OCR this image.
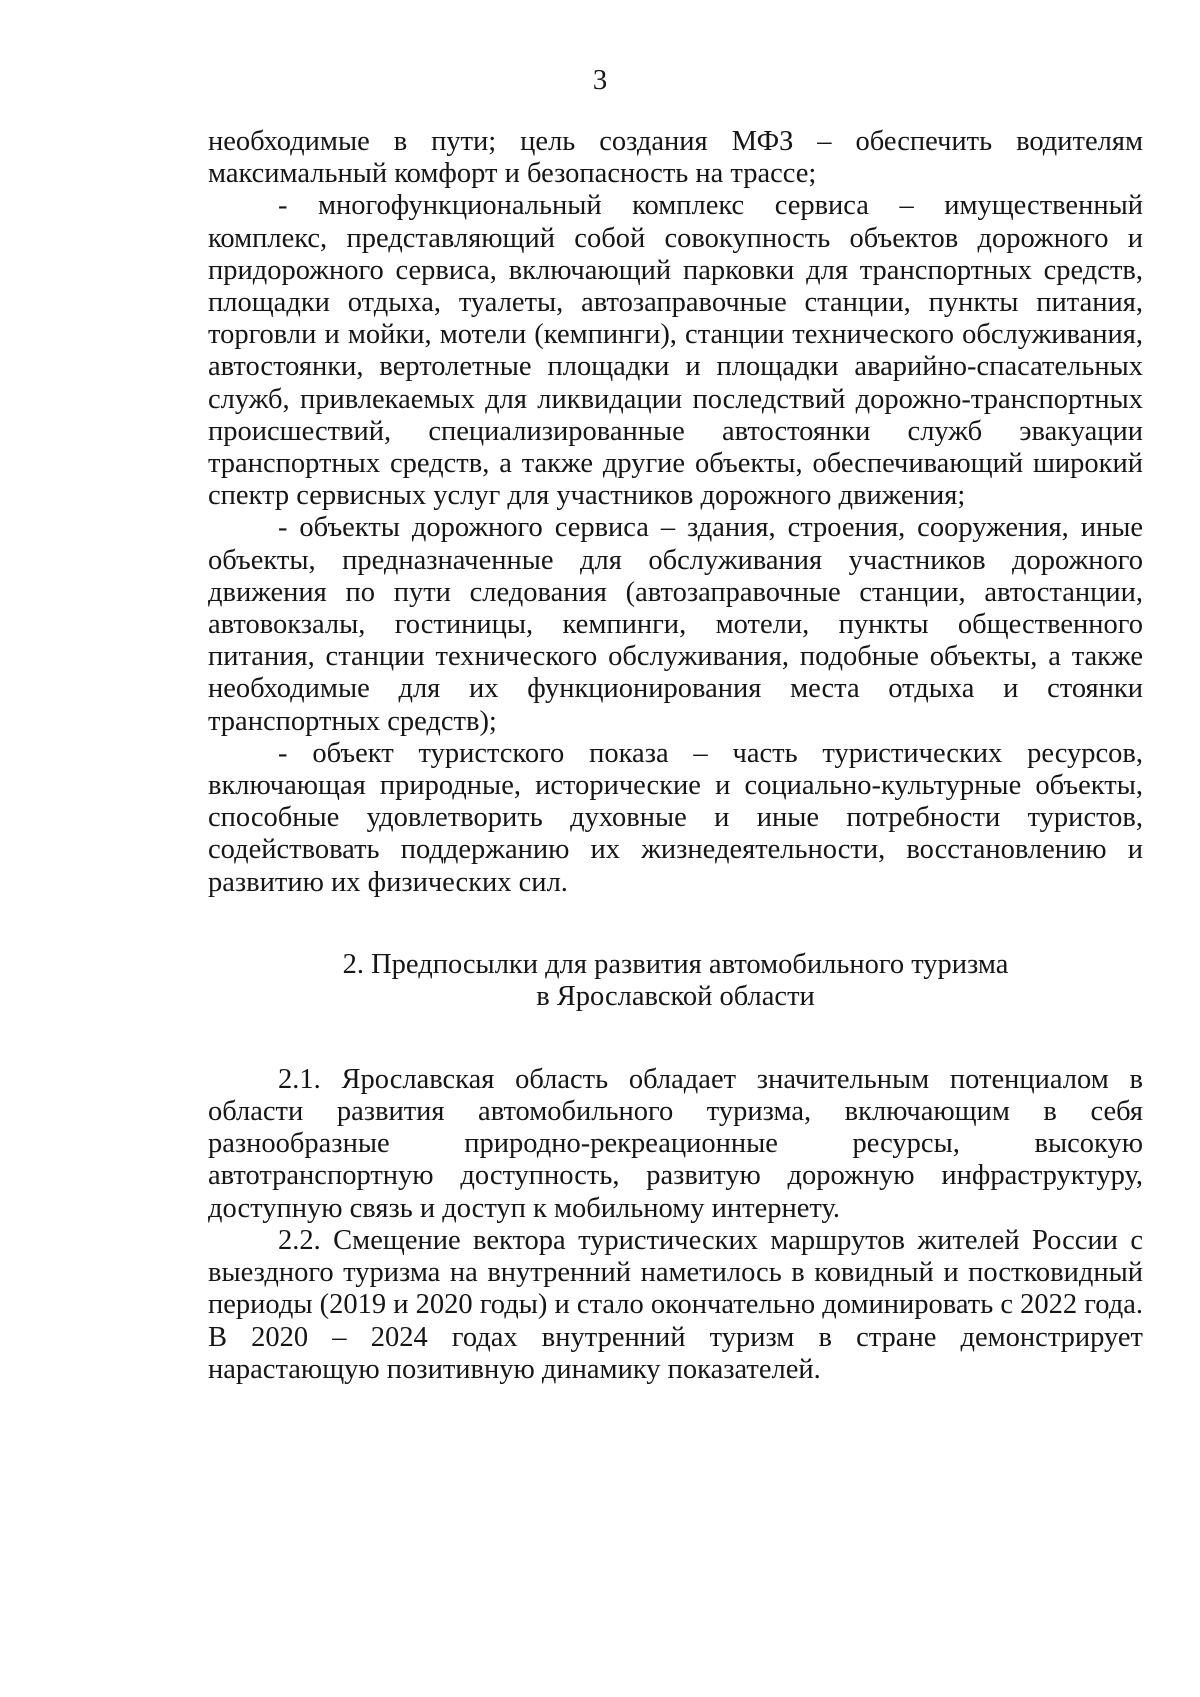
3

необходимые в пути; цель создания МФЗ – обеспечить водителям максимальный комфорт и безопасность на трассе;

- многофункциональный комплекс сервиса – имущественный комплекс, представляющий собой совокупность объектов дорожного и придорожного сервиса, включающий парковки для транспортных средств, площадки отдыха, туалеты, автозаправочные станции, пункты питания, торговли и мойки, мотели (кемпинги), станции технического обслуживания, автостоянки, вертолетные площадки и площадки аварийно-спасательных служб, привлекаемых для ликвидации последствий дорожно-транспортных происшествий, специализированные автостоянки служб эвакуации транспортных средств, а также другие объекты, обеспечивающий широкий спектр сервисных услуг для участников дорожного движения;

- объекты дорожного сервиса – здания, строения, сооружения, иные объекты, предназначенные для обслуживания участников дорожного движения по пути следования (автозаправочные станции, автостанции, автовокзалы, гостиницы, кемпинги, мотели, пункты общественного питания, станции технического обслуживания, подобные объекты, а также необходимые для их функционирования места отдыха и стоянки транспортных средств);

- объект туристского показа – часть туристических ресурсов, включающая природные, исторические и социально-культурные объекты, способные удовлетворить духовные и иные потребности туристов, содействовать поддержанию их жизнедеятельности, восстановлению и развитию их физических сил.

2. Предпосылки для развития автомобильного туризма
в Ярославской области

2.1. Ярославская область обладает значительным потенциалом в области развития автомобильного туризма, включающим в себя разнообразные природно-рекреационные ресурсы, высокую автотранспортную доступность, развитую дорожную инфраструктуру, доступную связь и доступ к мобильному интернету.

2.2. Смещение вектора туристических маршрутов жителей России с выездного туризма на внутренний наметилось в ковидный и постковидный периоды (2019 и 2020 годы) и стало окончательно доминировать с 2022 года. В 2020 – 2024 годах внутренний туризм в стране демонстрирует нарастающую позитивную динамику показателей.
